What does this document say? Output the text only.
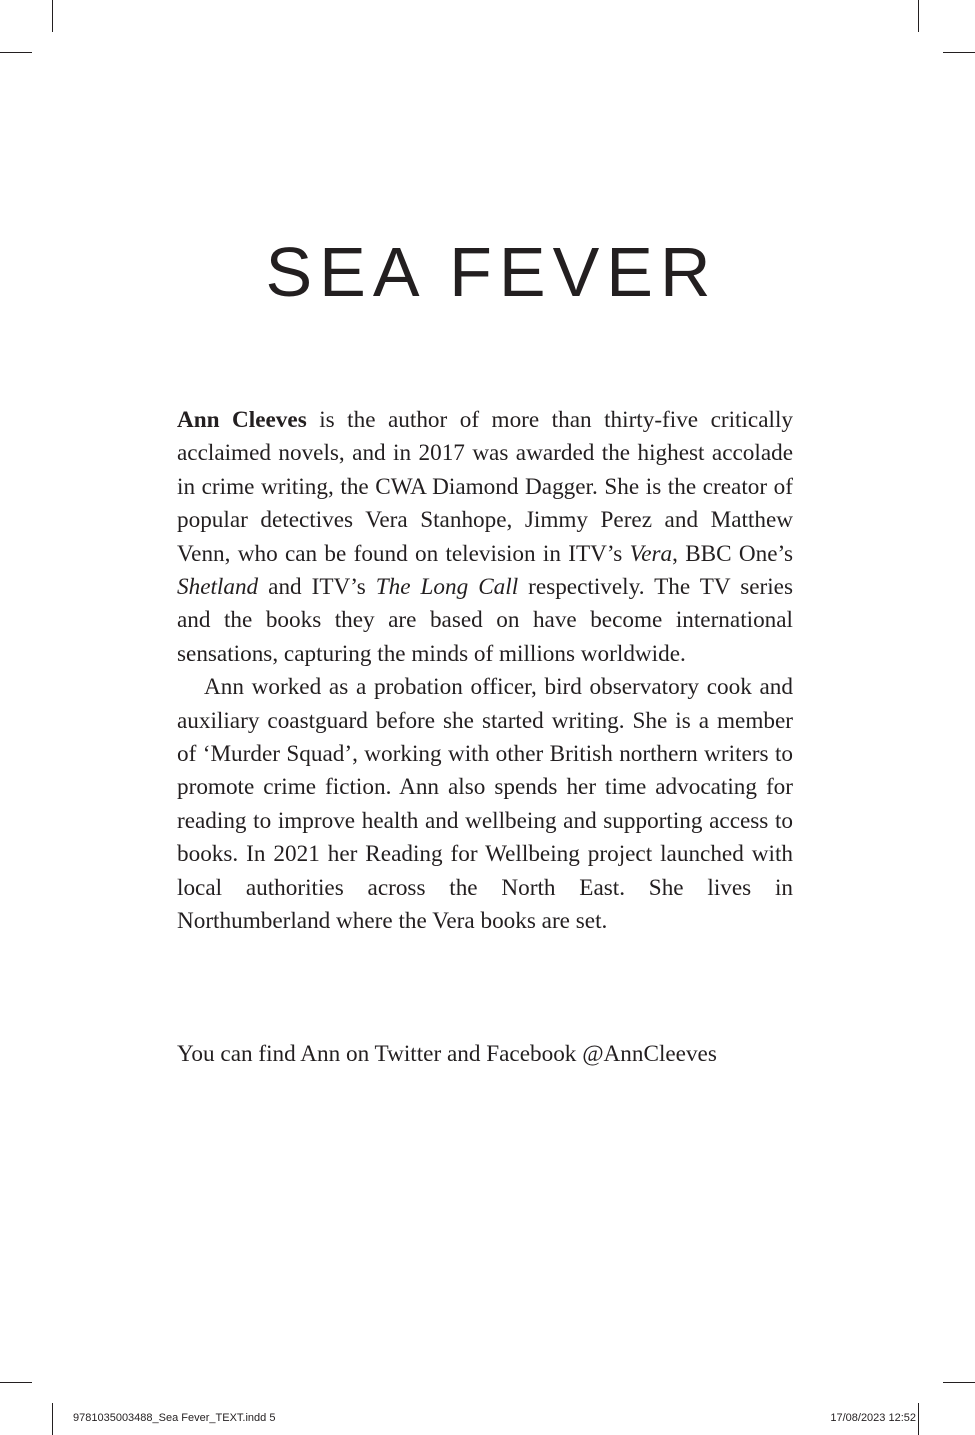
SEA FEVER

Ann Cleeves is the author of more than thirty-five critically acclaimed novels, and in 2017 was awarded the highest accolade in crime writing, the CWA Diamond Dagger. She is the creator of popular detectives Vera Stanhope, Jimmy Perez and Matthew Venn, who can be found on television in ITV’s Vera, BBC One’s Shetland and ITV’s The Long Call respectively. The TV series and the books they are based on have become international sensations, capturing the minds of millions worldwide.

Ann worked as a probation officer, bird observatory cook and auxiliary coastguard before she started writing. She is a member of ‘Murder Squad’, working with other British northern writers to promote crime fiction. Ann also spends her time advocating for reading to improve health and wellbeing and supporting access to books. In 2021 her Reading for Wellbeing project launched with local authorities across the North East. She lives in Northumberland where the Vera books are set.

You can find Ann on Twitter and Facebook @AnnCleeves

9781035003488_Sea Fever_TEXT.indd 5	17/08/2023 12:52
